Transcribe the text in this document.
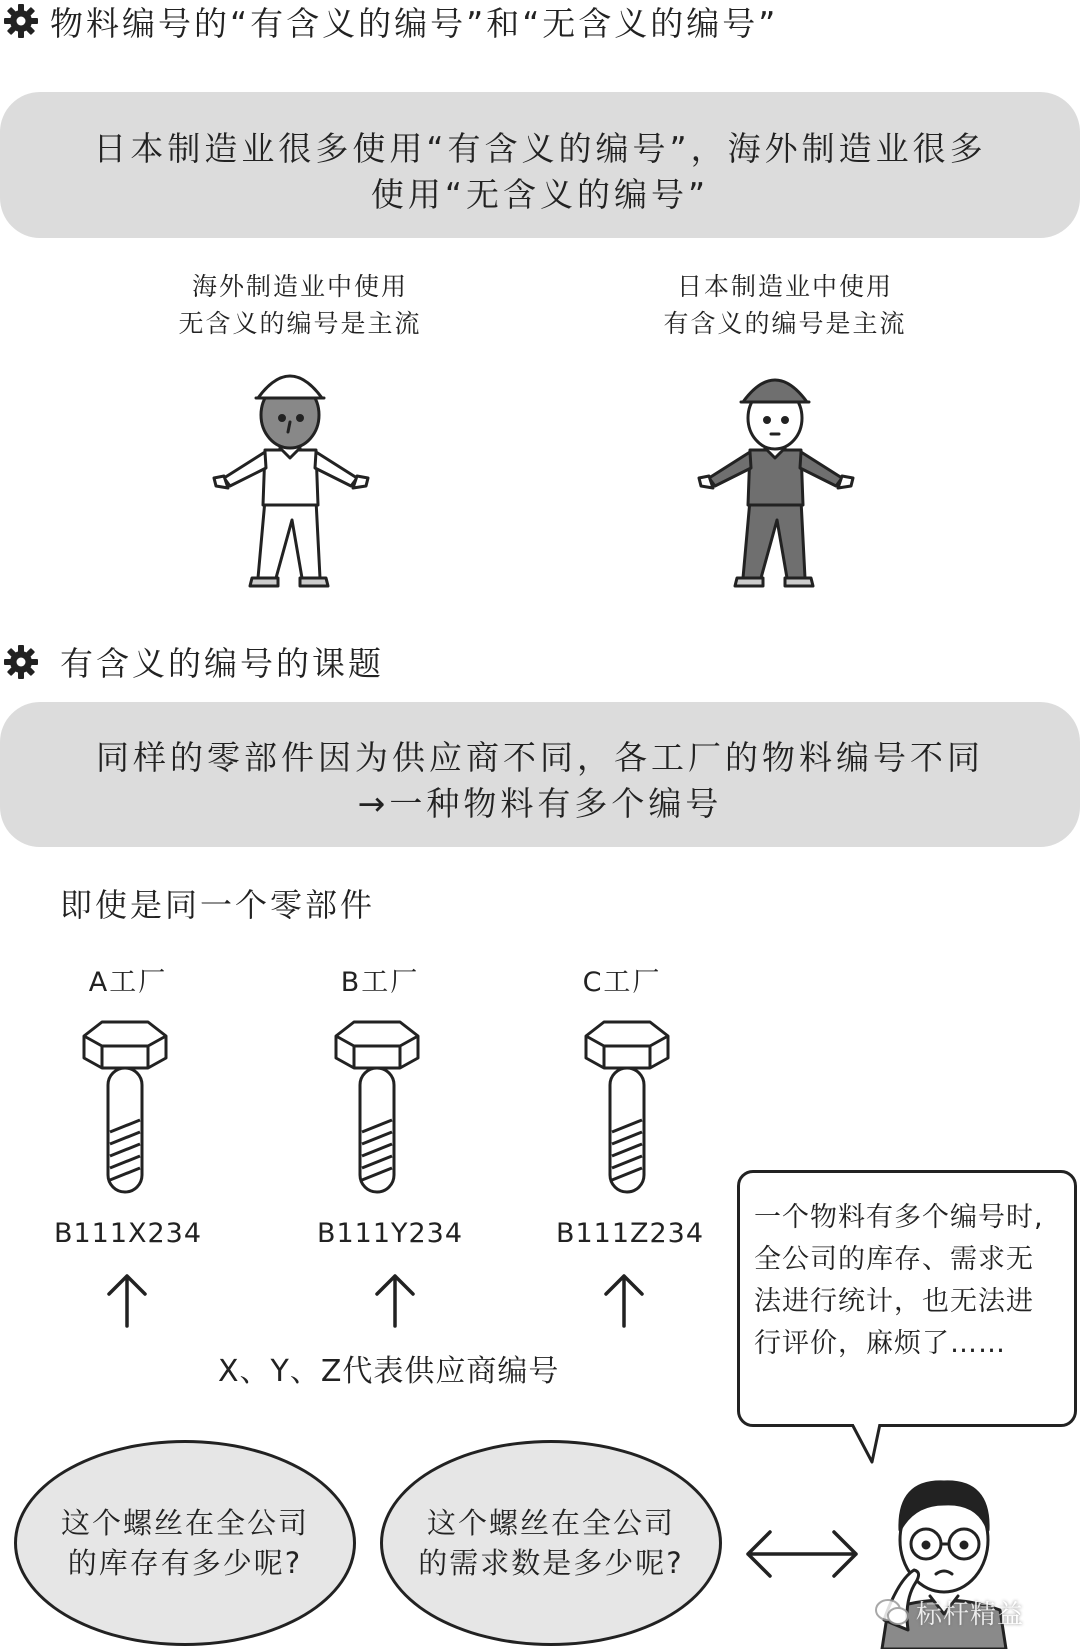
物料编号的“有含义的编号”和“无含义的编号”
日本制造业很多使用“有含义的编号”，海外制造业很多
使用“无含义的编号”
海外制造业中使用
无含义的编号是主流
日本制造业中使用
有含义的编号是主流
有含义的编号的课题
同样的零部件因为供应商不同，各工厂的物料编号不同
→一种物料有多个编号
即使是同一个零部件
A工厂	B工厂	C工厂
B111X234	B111Y234	B111Z234
X、Y、Z代表供应商编号
一个物料有多个编号时,
全公司的库存、需求无
法进行统计，也无法进
行评价，麻烦了……
这个螺丝在全公司
的库存有多少呢?
这个螺丝在全公司
的需求数是多少呢?
标杆精益
